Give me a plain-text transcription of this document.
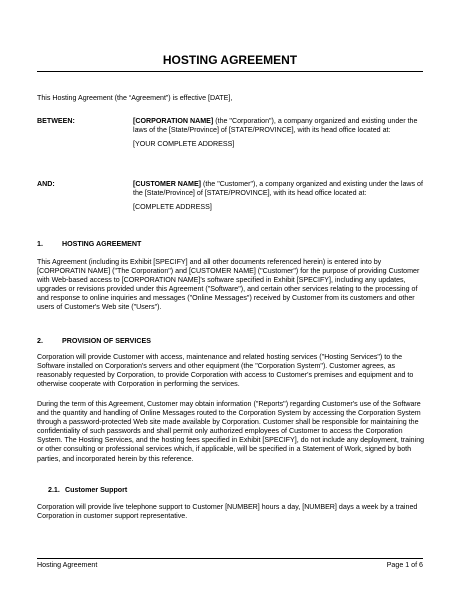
HOSTING AGREEMENT
This Hosting Agreement (the “Agreement”) is effective [DATE],
BETWEEN:	[CORPORATION NAME] (the "Corporation"), a company organized and existing under the laws of the [State/Province] of [STATE/PROVINCE], with its head office located at:

[YOUR COMPLETE ADDRESS]

AND:	[CUSTOMER NAME] (the "Customer"), a company organized and existing under the laws of the [State/Province] of [STATE/PROVINCE], with its head office located at:

[COMPLETE ADDRESS]

1.	HOSTING AGREEMENT

This Agreement (including its Exhibit [SPECIFY] and all other documents referenced herein) is entered into by [CORPORATIN NAME] ("The Corporation") and [CUSTOMER NAME] ("Customer") for the purpose of providing Customer with Web-based access to [CORPORATION NAME]'s software specified in Exhibit [SPECIFY], including any updates, upgrades or revisions provided under this Agreement ("Software"), and certain other services relating to the processing of and response to online inquiries and messages ("Online Messages") received by Customer from its customers and other users of Customer's Web site ("Users").

2.	PROVISION OF SERVICES

Corporation will provide Customer with access, maintenance and related hosting services ("Hosting Services") to the Software installed on Corporation's servers and other equipment (the "Corporation System"). Customer agrees, as reasonably requested by Corporation, to provide Corporation with access to Customer's premises and equipment and to otherwise cooperate with Corporation in performing the services.

During the term of this Agreement, Customer may obtain information ("Reports") regarding Customer's use of the Software and the quantity and handling of Online Messages routed to the Corporation System by accessing the Corporation System through a password-protected Web site made available by Corporation. Customer shall be responsible for maintaining the confidentiality of such passwords and shall permit only authorized employees of Customer to access the Corporation System. The Hosting Services, and the hosting fees specified in Exhibit [SPECIFY], do not include any deployment, training or other consulting or professional services which, if applicable, will be specified in a Statement of Work, signed by both parties, and incorporated herein by this reference.

2.1. Customer Support

Corporation will provide live telephone support to Customer [NUMBER] hours a day, [NUMBER] days a week by a trained Corporation in customer support representative.

Hosting Agreement	Page 1 of 6
